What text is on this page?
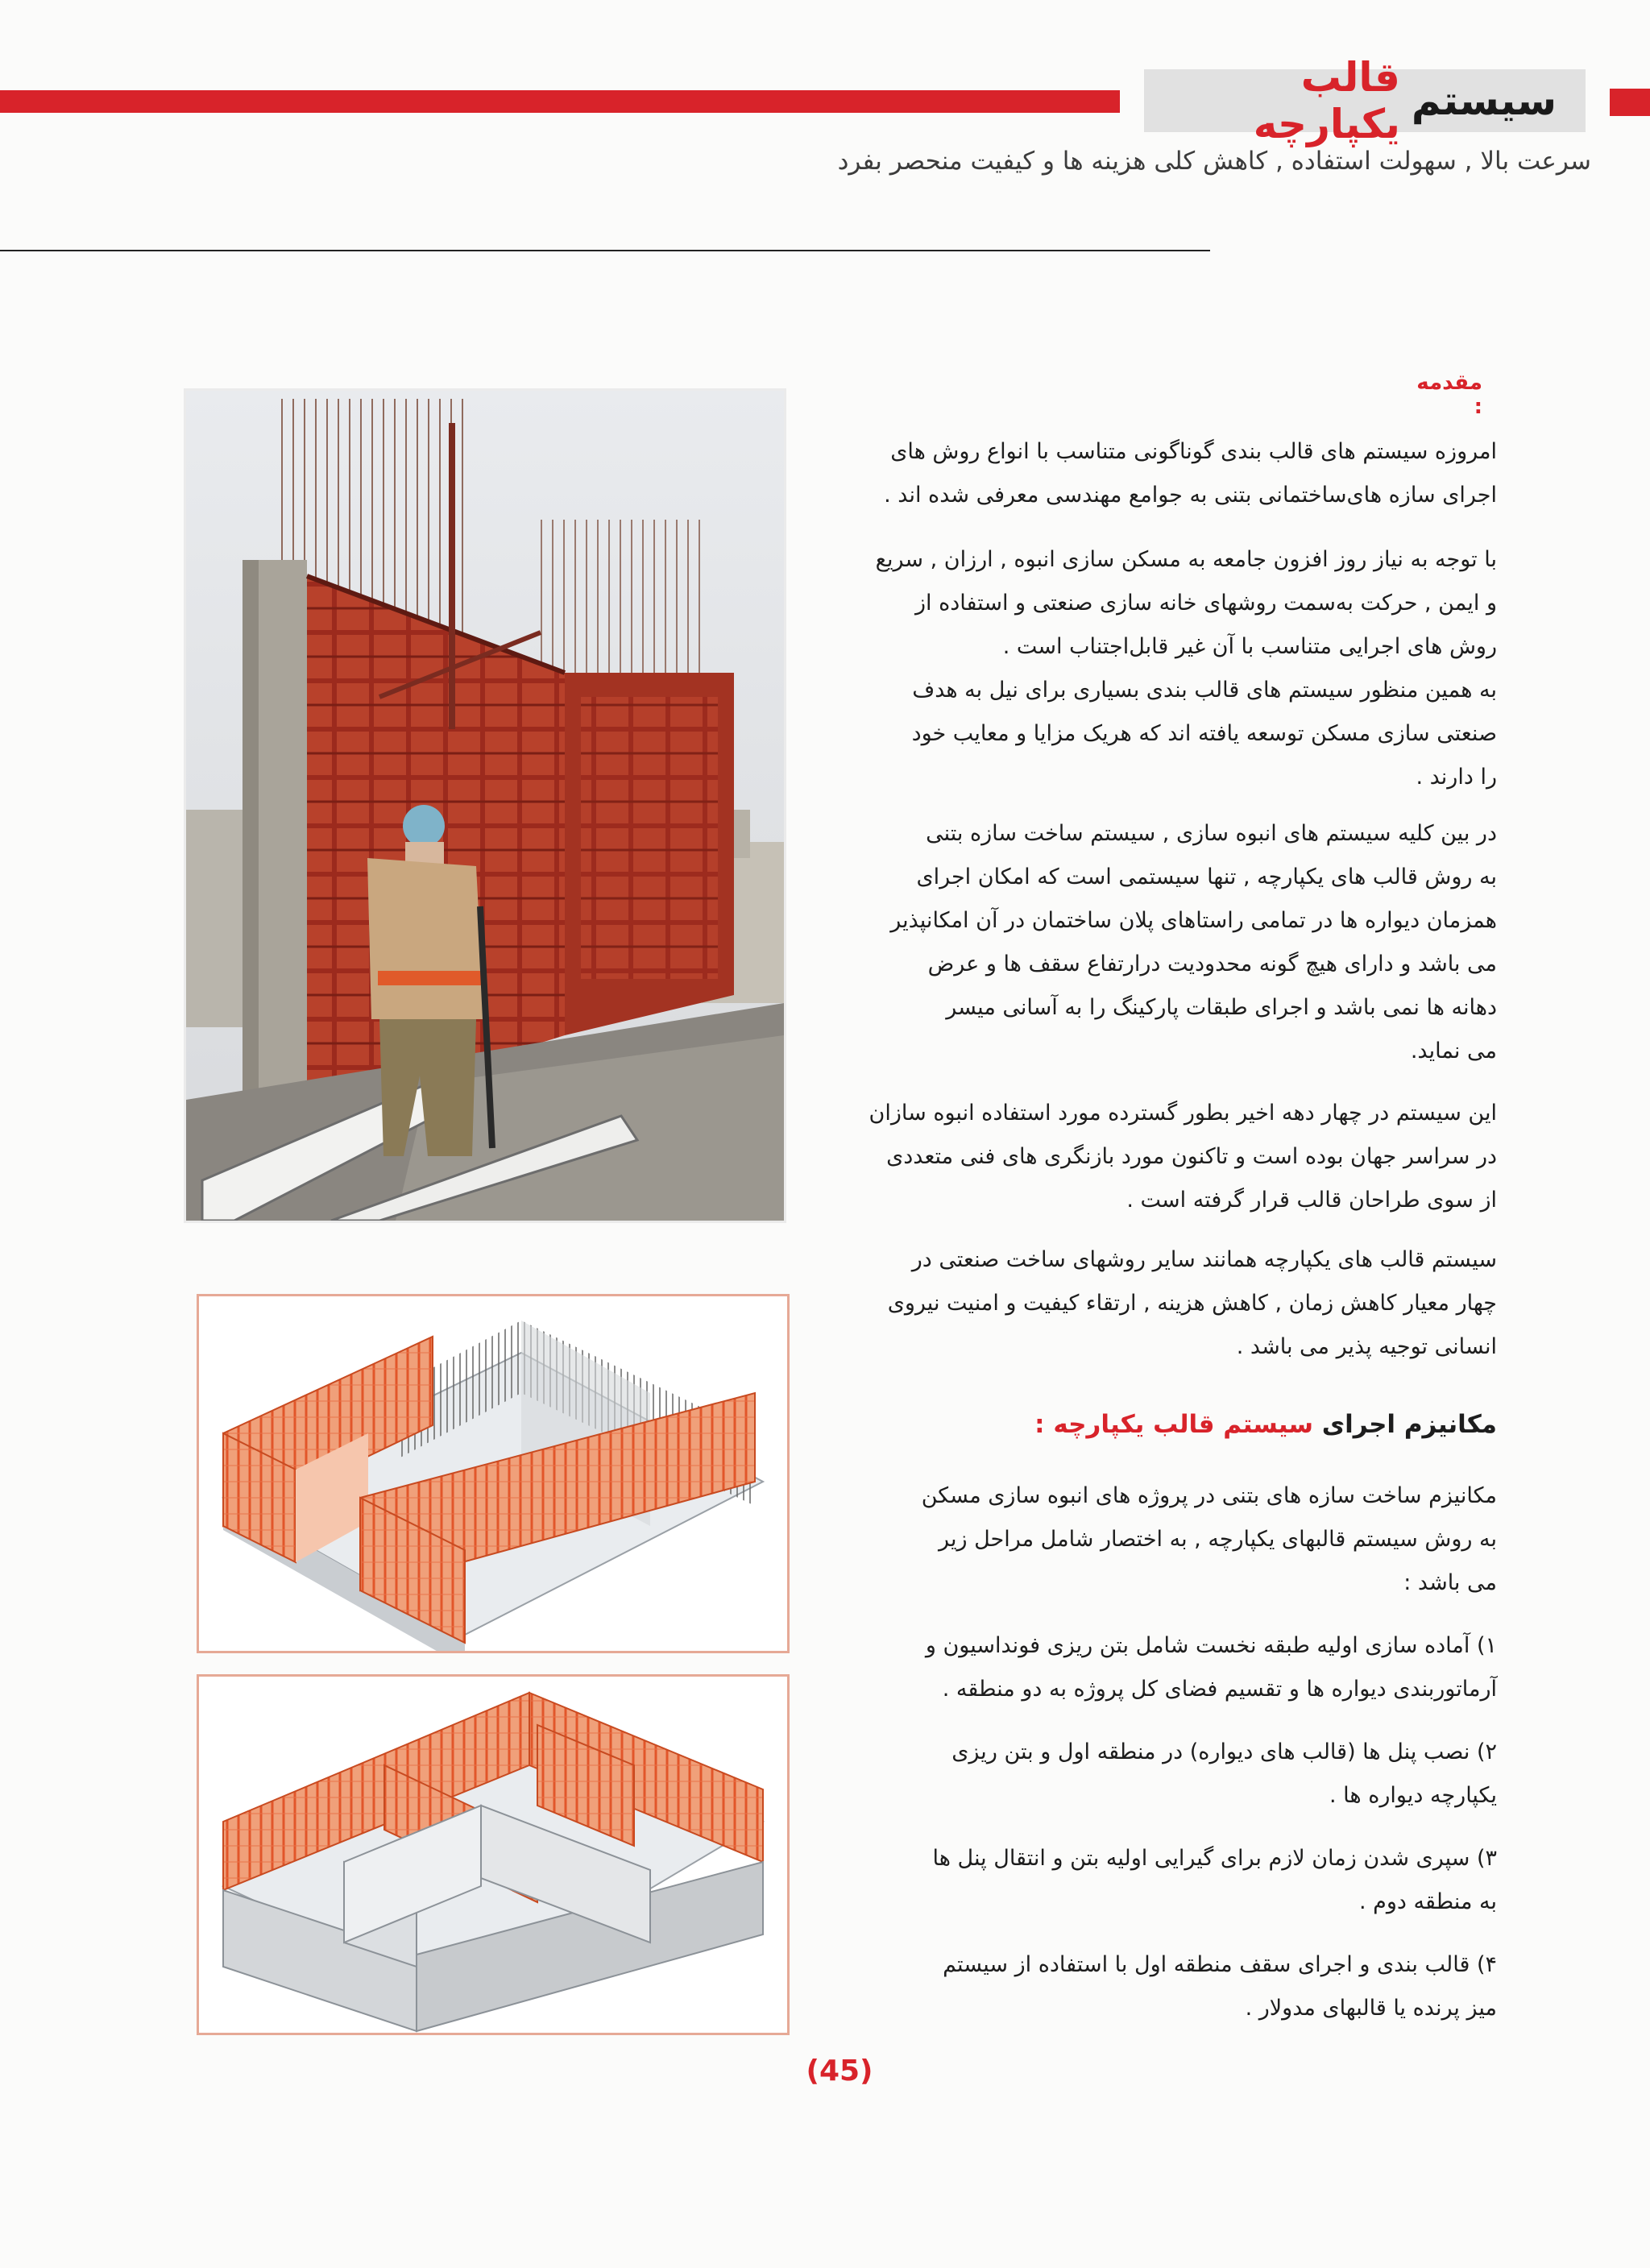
سیستم
قالب یکپارچه
سرعت بالا , سهولت استفاده , کاهش کلی هزینه ها و کیفیت منحصر بفرد
مقدمه :
امروزه سیستم های قالب بندی گوناگونی متناسب با انواع روش های
اجرای سازه های‌ساختمانی بتنی به جوامع مهندسی معرفی شده اند .
با توجه به نیاز روز افزون جامعه به مسکن سازی انبوه , ارزان , سریع
و ایمن , حرکت به‌سمت روشهای خانه سازی صنعتی و استفاده از
روش های اجرایی متناسب با آن غیر قابل‌اجتناب است .
به همین منظور سیستم های قالب بندی بسیاری برای نیل به هدف
صنعتی سازی مسکن توسعه یافته اند که هریک مزایا و معایب خود
را دارند .
در بین کلیه سیستم های انبوه سازی , سیستم ساخت سازه بتنی
به روش قالب های یکپارچه , تنها سیستمی است که امکان اجرای
همزمان دیواره ها در تمامی راستاهای پلان ساختمان در آن امکانپذیر
می باشد و دارای هیچ گونه محدودیت درارتفاع سقف ها و عرض
دهانه ها نمی باشد و اجرای طبقات پارکینگ را به آسانی میسر
می نماید.
این سیستم در چهار دهه اخیر بطور گسترده مورد استفاده انبوه سازان
در سراسر جهان بوده است و تاکنون مورد بازنگری های فنی متعددی
از سوی طراحان قالب قرار گرفته است .
سیستم قالب های یکپارچه همانند سایر روشهای ساخت صنعتی در
چهار معیار کاهش زمان , کاهش هزینه , ارتقاء کیفیت و امنیت نیروی
انسانی توجیه پذیر می باشد .
مکانیزم اجرای سیستم قالب یکپارچه :
مکانیزم ساخت سازه های بتنی در پروژه های انبوه سازی مسکن
به روش سیستم قالبهای یکپارچه , به اختصار شامل مراحل زیر
می باشد :
۱) آماده سازی اولیه طبقه نخست شامل بتن ریزی فونداسیون و
آرماتوربندی دیواره ها و تقسیم فضای کل پروژه به دو منطقه .
۲) نصب پنل ها (قالب های دیواره) در منطقه اول و بتن ریزی
یکپارچه دیواره ها .
۳) سپری شدن زمان لازم برای گیرایی اولیه بتن و انتقال پنل ها
به منطقه دوم .
۴) قالب بندی و اجرای سقف منطقه اول با استفاده از سیستم
میز پرنده یا قالبهای مدولار .
(45)
